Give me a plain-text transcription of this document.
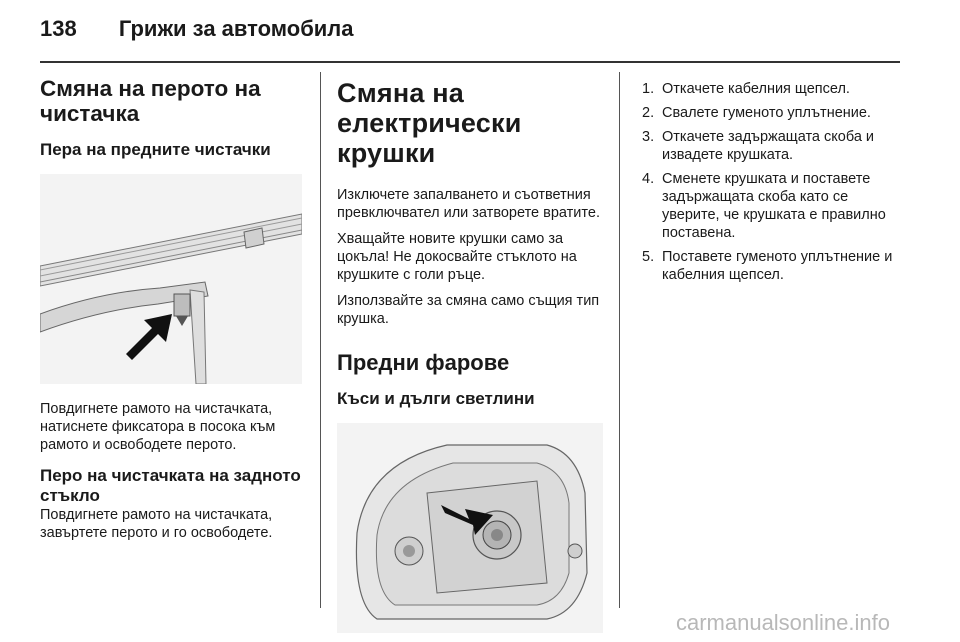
138 Грижи за автомобила
Смяна на перото на чистачка
Пера на предните чистачки

Повдигнете рамото на чистачката, натиснете фиксатора в посока към рамото и освободете перото.

Перо на чистачката на задното стъкло

Повдигнете рамото на чистачката, завъртете перото и го освободете.

Смяна на електрически крушки

Изключете запалването и съответния превключвател или затворете вратите.

Хващайте новите крушки само за цокъла! Не докосвайте стъклото на крушките с голи ръце.

Използвайте за смяна само същия тип крушка.

Предни фарове
Къси и дълги светлини
1. Откачете кабелния щепсел.
2. Свалете гуменото уплътнение.
3. Откачете задържащата скоба и извадете крушката.
4. Сменете крушката и поставете задържащата скоба като се уверите, че крушката е правилно поставена.
5. Поставете гуменото уплътнение и кабелния щепсел.
carmanualsonline.info
